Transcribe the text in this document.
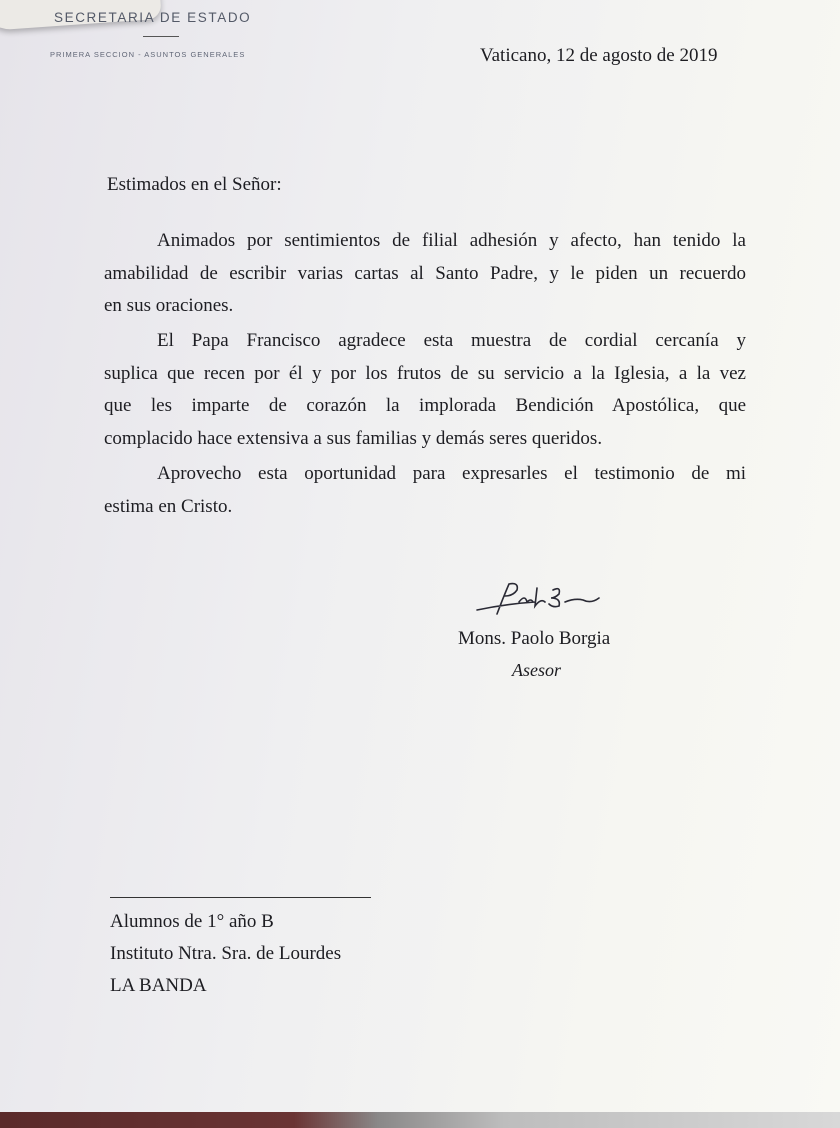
SECRETARIA DE ESTADO
PRIMERA SECCION - ASUNTOS GENERALES	Vaticano, 12 de agosto de 2019
Estimados en el Señor:
Animados por sentimientos de filial adhesión y afecto, han tenido la
amabilidad de escribir varias cartas al Santo Padre, y le piden un recuerdo
en sus oraciones.
El Papa Francisco agradece esta muestra de cordial cercanía y
suplica que recen por él y por los frutos de su servicio a la Iglesia, a la vez
que les imparte de corazón la implorada Bendición Apostólica, que
complacido hace extensiva a sus familias y demás seres queridos.
Aprovecho esta oportunidad para expresarles el testimonio de mi
estima en Cristo.
Mons. Paolo Borgia
Asesor
Alumnos de 1° año B
Instituto Ntra. Sra. de Lourdes
LA BANDA
